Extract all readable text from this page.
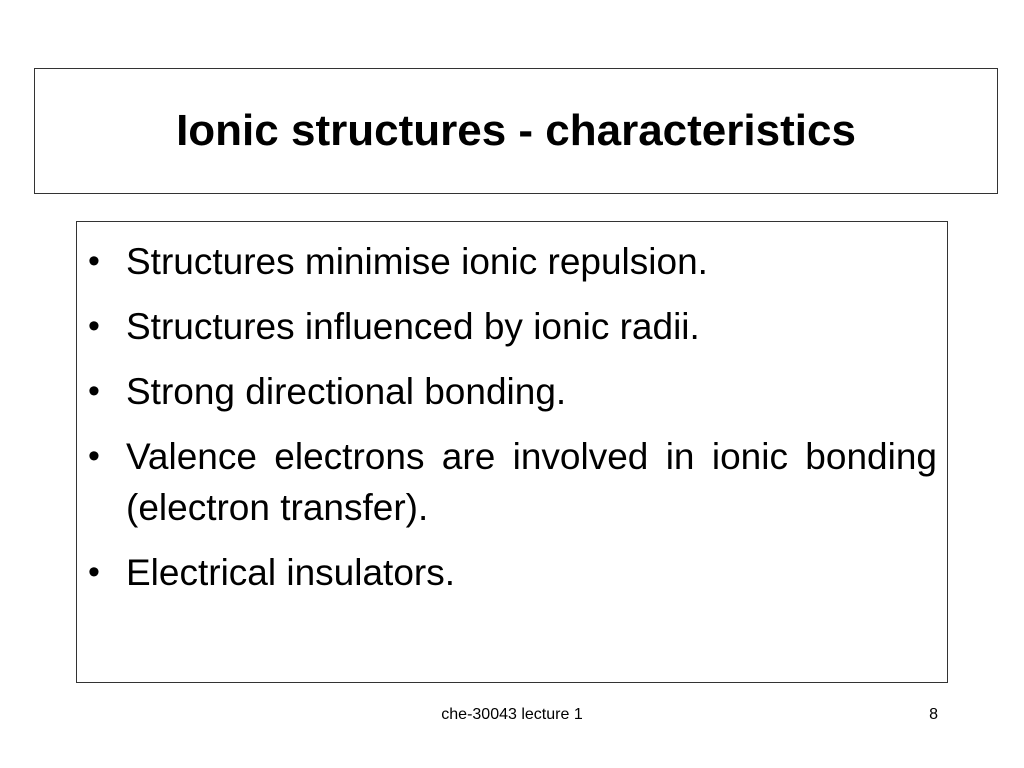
Ionic structures - characteristics
• Structures minimise ionic repulsion.
• Structures influenced by ionic radii.
• Strong directional bonding.
• Valence electrons are involved in ionic bonding (electron transfer).
• Electrical insulators.
che-30043 lecture 1	8
